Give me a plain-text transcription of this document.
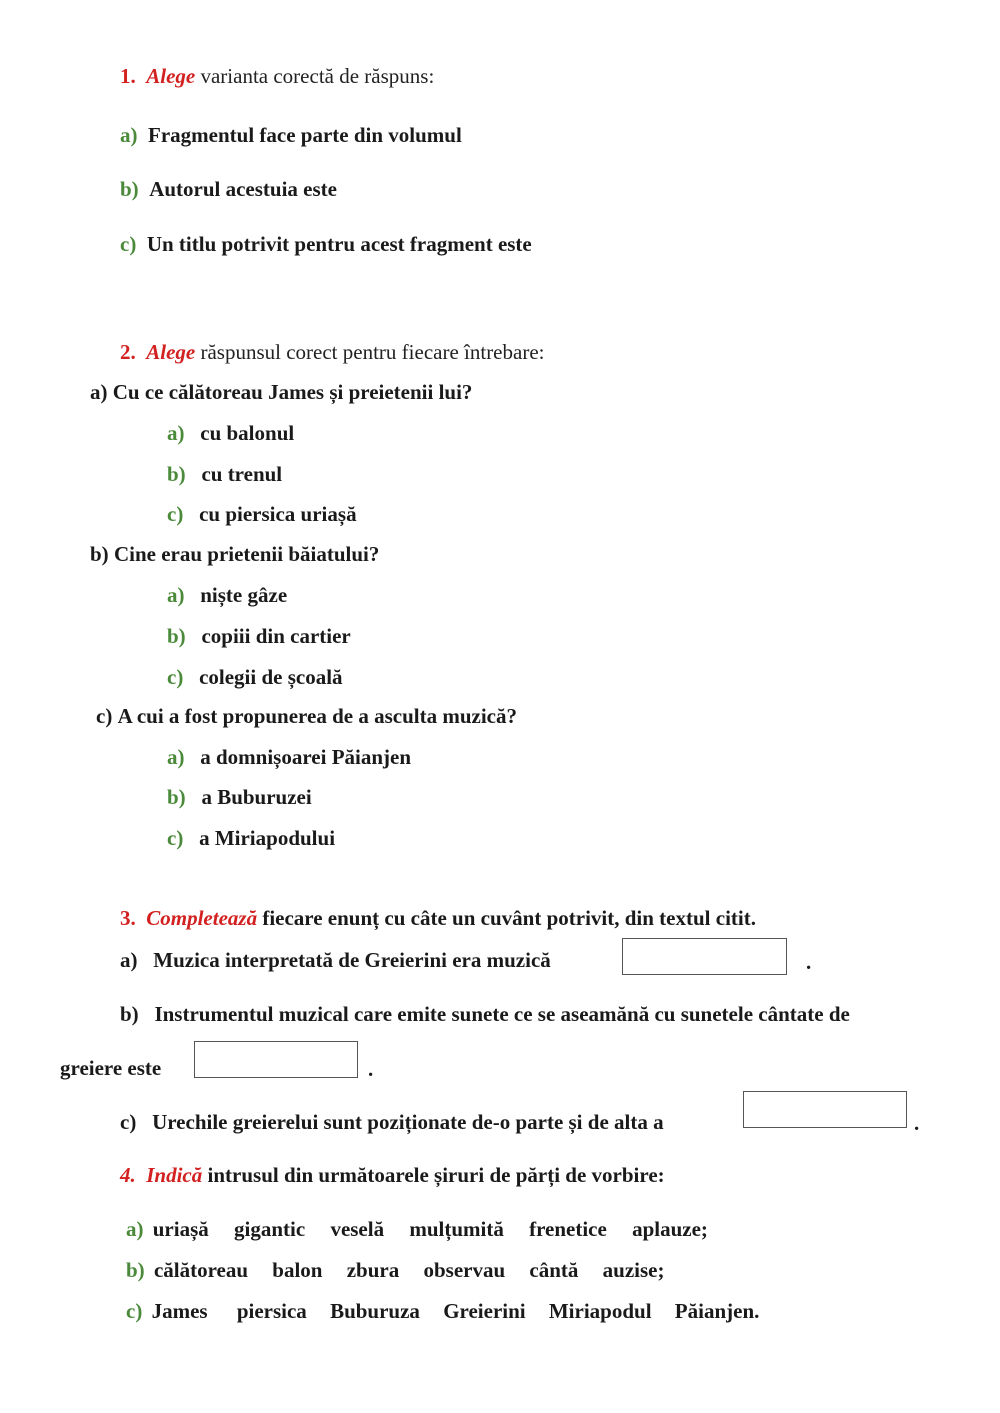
1. Alege varianta corectă de răspuns:
a) Fragmentul face parte din volumul
b) Autorul acestuia este
c) Un titlu potrivit pentru acest fragment este
2. Alege răspunsul corect pentru fiecare întrebare:
a) Cu ce călătoreau James și preietenii lui?
a) cu balonul
b) cu trenul
c) cu piersica uriașă
b) Cine erau prietenii băiatului?
a) niște gâze
b) copiii din cartier
c) colegii de școală
c) A cui a fost propunerea de a asculta muzică?
a) a domnișoarei Păianjen
b) a Buburuzei
c) a Miriapodului
3. Completează fiecare enunț cu câte un cuvânt potrivit, din textul citit.
a) Muzica interpretată de Greierini era muzică	.
b) Instrumentul muzical care emite sunete ce se aseamănă cu sunetele cântate de
greiere este	.
c) Urechile greierelui sunt poziționate de-o parte și de alta a	.
4. Indică intrusul din următoarele șiruri de părți de vorbire:
a) uriașă gigantic veselă mulțumită frenetice aplauze;
b) călătoreau balon zbura observau cântă auzise;
c) James piersica Buburuza Greierini Miriapodul Păianjen.
